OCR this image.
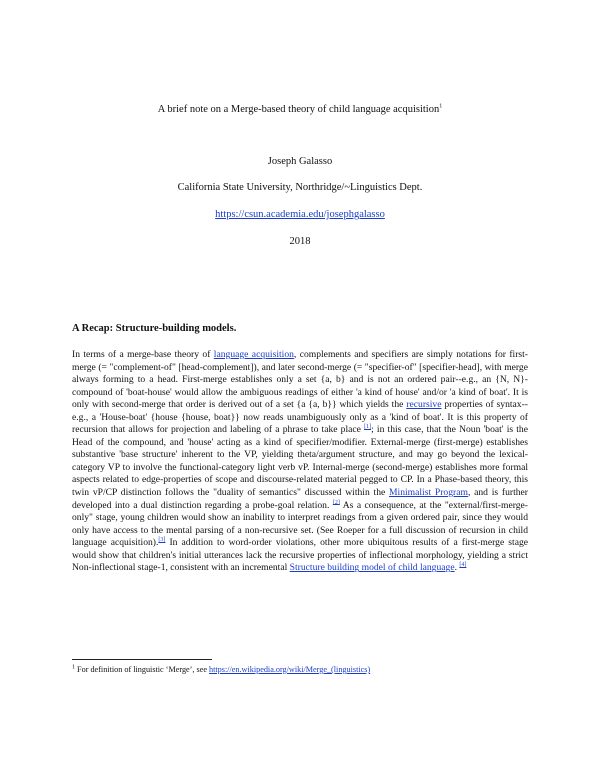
A brief note on a Merge-based theory of child language acquisition$^1$
Joseph Galasso
California State University, Northridge/~Linguistics Dept.
https://csun.academia.edu/josephgalasso
2018
A Recap: Structure-building models.

In terms of a merge-base theory of language acquisition, complements and specifiers are simply notations for first-merge (= "complement-of" [head-complement]), and later second-merge (= "specifier-of" [specifier-head], with merge always forming to a head. First-merge establishes only a set {a, b} and is not an ordered pair--e.g., an {N, N}-compound of 'boat-house' would allow the ambiguous readings of either 'a kind of house' and/or 'a kind of boat'. It is only with second-merge that order is derived out of a set {a {a, b}} which yields the recursive properties of syntax--e.g., a 'House-boat' {house {house, boat}} now reads unambiguously only as a 'kind of boat'. It is this property of recursion that allows for projection and labeling of a phrase to take place [1]; in this case, that the Noun 'boat' is the Head of the compound, and 'house' acting as a kind of specifier/modifier. External-merge (first-merge) establishes substantive 'base structure' inherent to the VP, yielding theta/argument structure, and may go beyond the lexical-category VP to involve the functional-category light verb vP. Internal-merge (second-merge) establishes more formal aspects related to edge-properties of scope and discourse-related material pegged to CP. In a Phase-based theory, this twin vP/CP distinction follows the "duality of semantics" discussed within the Minimalist Program, and is further developed into a dual distinction regarding a probe-goal relation. [2] As a consequence, at the "external/first-merge-only" stage, young children would show an inability to interpret readings from a given ordered pair, since they would only have access to the mental parsing of a non-recursive set. (See Roeper for a full discussion of recursion in child language acquisition).[3] In addition to word-order violations, other more ubiquitous results of a first-merge stage would show that children's initial utterances lack the recursive properties of inflectional morphology, yielding a strict Non-inflectional stage-1, consistent with an incremental Structure building model of child language. [4]

$^1$ For definition of linguistic ‘Merge’, see https://en.wikipedia.org/wiki/Merge_(linguistics)
